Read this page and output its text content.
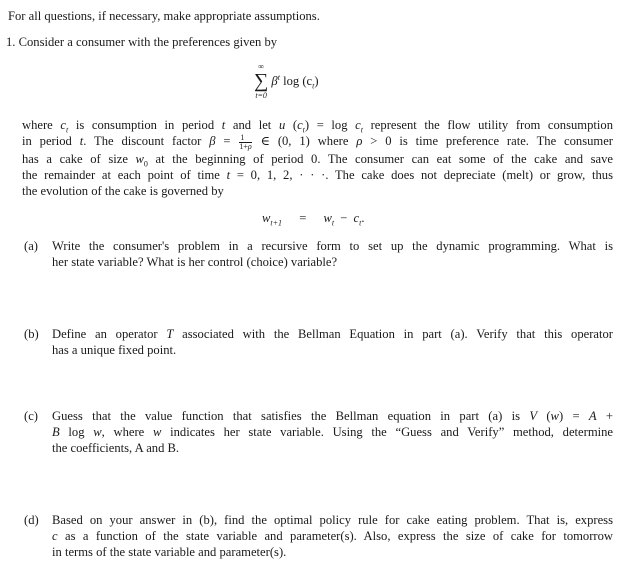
For all questions, if necessary, make appropriate assumptions.
1. Consider a consumer with the preferences given by
∞
∑
t=0
$\beta^t$ $\log (c_t)$
where $c_t$ is consumption in period t and let u $(c_t) = \log c_t$ represent the flow utility from consumption
in period t. The discount factor $\beta = \frac{1}{1+\rho}$ ∈ (0, 1) where ρ > 0 is time preference rate. The consumer
has a cake of size $w_0$ at the beginning of period 0. The consumer can eat some of the cake and save
the remainder at each point of time t = 0, 1, 2, · · ·. The cake does not depreciate (melt) or grow, thus
the evolution of the cake is governed by
$w_{t+1} = w_t - c_t$.
(a) Write the consumer's problem in a recursive form to set up the dynamic programming. What is
her state variable? What is her control (choice) variable?
(b) Define an operator T associated with the Bellman Equation in part (a). Verify that this operator
has a unique fixed point.
(c) Guess that the value function that satisfies the Bellman equation in part (a) is V (w) = A +
B log w, where w indicates her state variable. Using the “Guess and Verify” method, determine
the coefficients, A and B.
(d) Based on your answer in (b), find the optimal policy rule for cake eating problem. That is, express
c as a function of the state variable and parameter(s). Also, express the size of cake for tomorrow
in terms of the state variable and parameter(s).
